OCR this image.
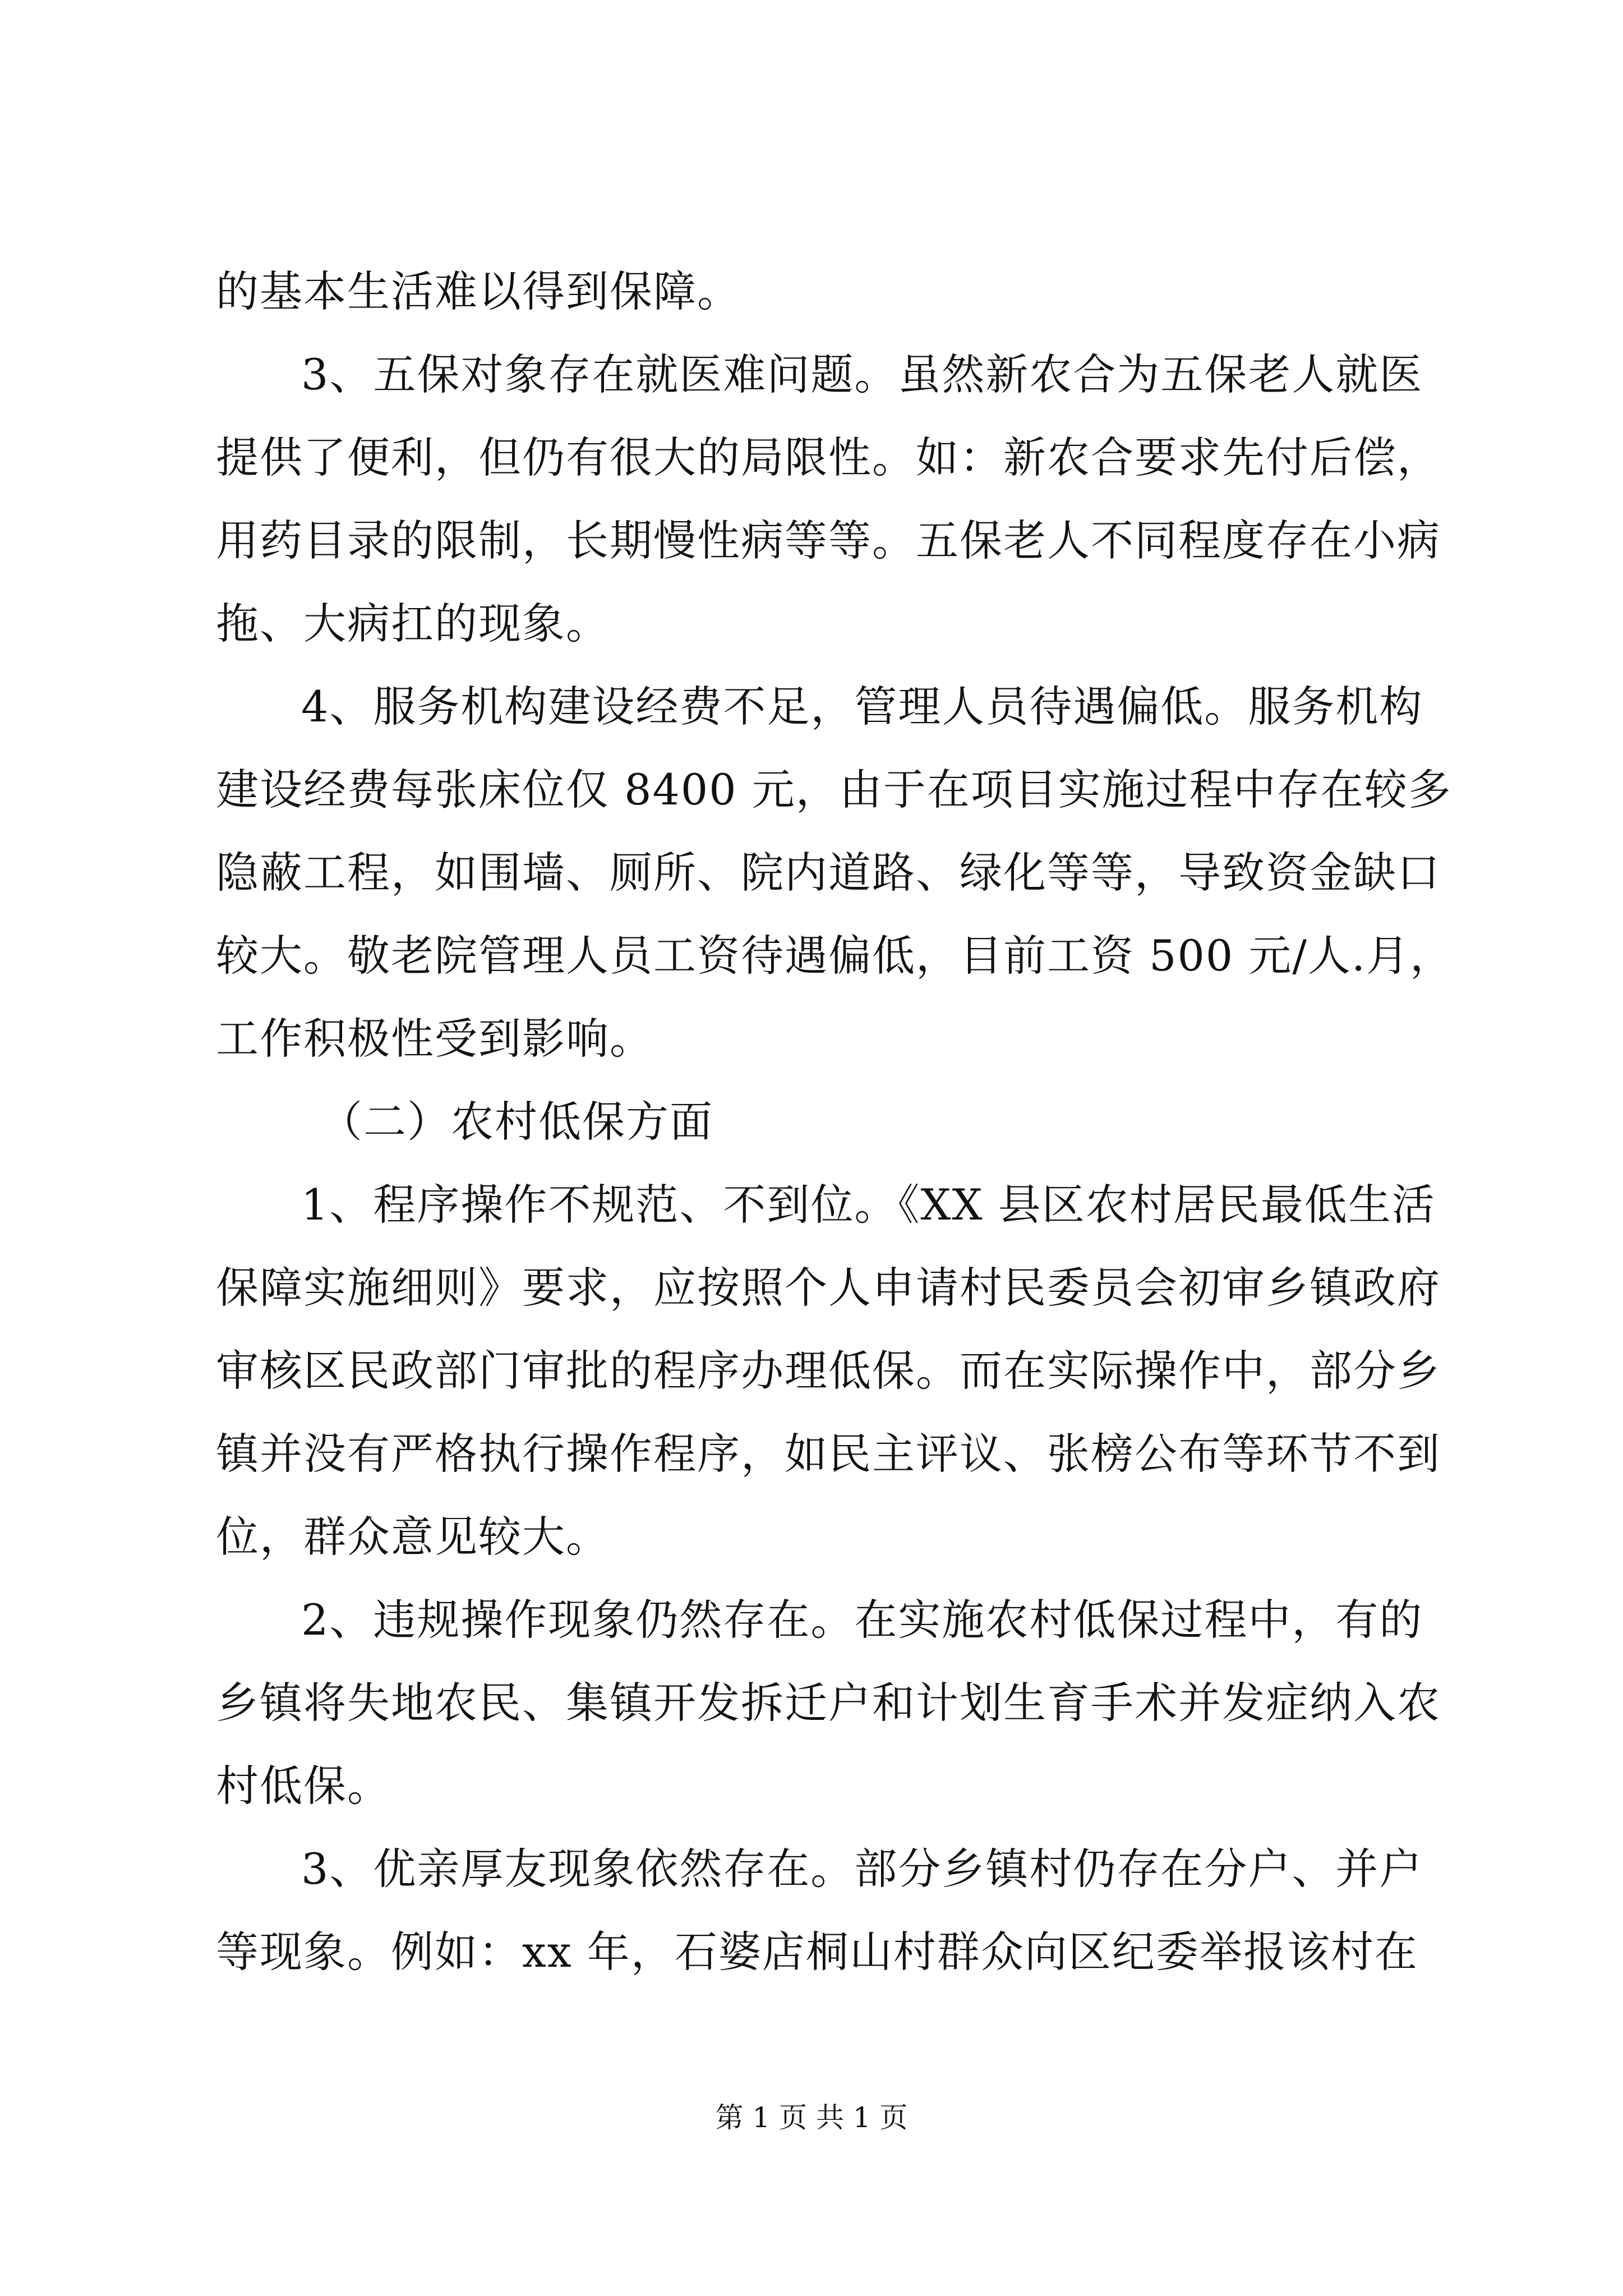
的基本生活难以得到保障。
3、五保对象存在就医难问题。虽然新农合为五保老人就医
提供了便利，但仍有很大的局限性。如：新农合要求先付后偿，
用药目录的限制，长期慢性病等等。五保老人不同程度存在小病
拖、大病扛的现象。
4、服务机构建设经费不足，管理人员待遇偏低。服务机构
建设经费每张床位仅 8400 元，由于在项目实施过程中存在较多
隐蔽工程，如围墙、厕所、院内道路、绿化等等，导致资金缺口
较大。敬老院管理人员工资待遇偏低，目前工资 500 元/人.月，
工作积极性受到影响。
（二）农村低保方面
1、程序操作不规范、不到位。《XX 县区农村居民最低生活
保障实施细则》要求，应按照个人申请村民委员会初审乡镇政府
审核区民政部门审批的程序办理低保。而在实际操作中，部分乡
镇并没有严格执行操作程序，如民主评议、张榜公布等环节不到
位，群众意见较大。
2、违规操作现象仍然存在。在实施农村低保过程中，有的
乡镇将失地农民、集镇开发拆迁户和计划生育手术并发症纳入农
村低保。
3、优亲厚友现象依然存在。部分乡镇村仍存在分户、并户
等现象。例如：xx 年，石婆店桐山村群众向区纪委举报该村在
第 1 页 共 1 页
